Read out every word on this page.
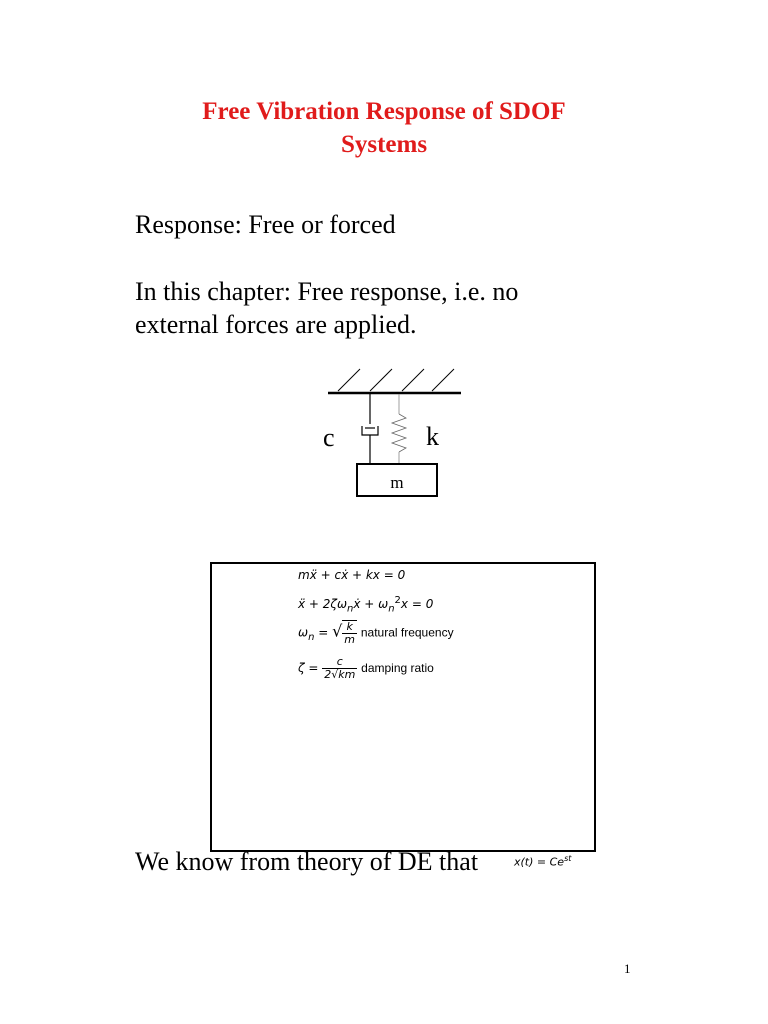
Free Vibration Response of SDOF
Systems
Response: Free or forced
In this chapter: Free response, i.e. no
external forces are applied.
c	k
m
mẍ + cẋ + kx = 0
ẍ + $2\zeta\omega_nẋ + \omega_n^2x = 0$
$\omega_n$ = √ $\frac{k}{m}$ natural frequency
$\zeta = \frac{c}{2√km}$ damping ratio
We know from theory of DE that	$x(t) = Ce^{st}$
1
